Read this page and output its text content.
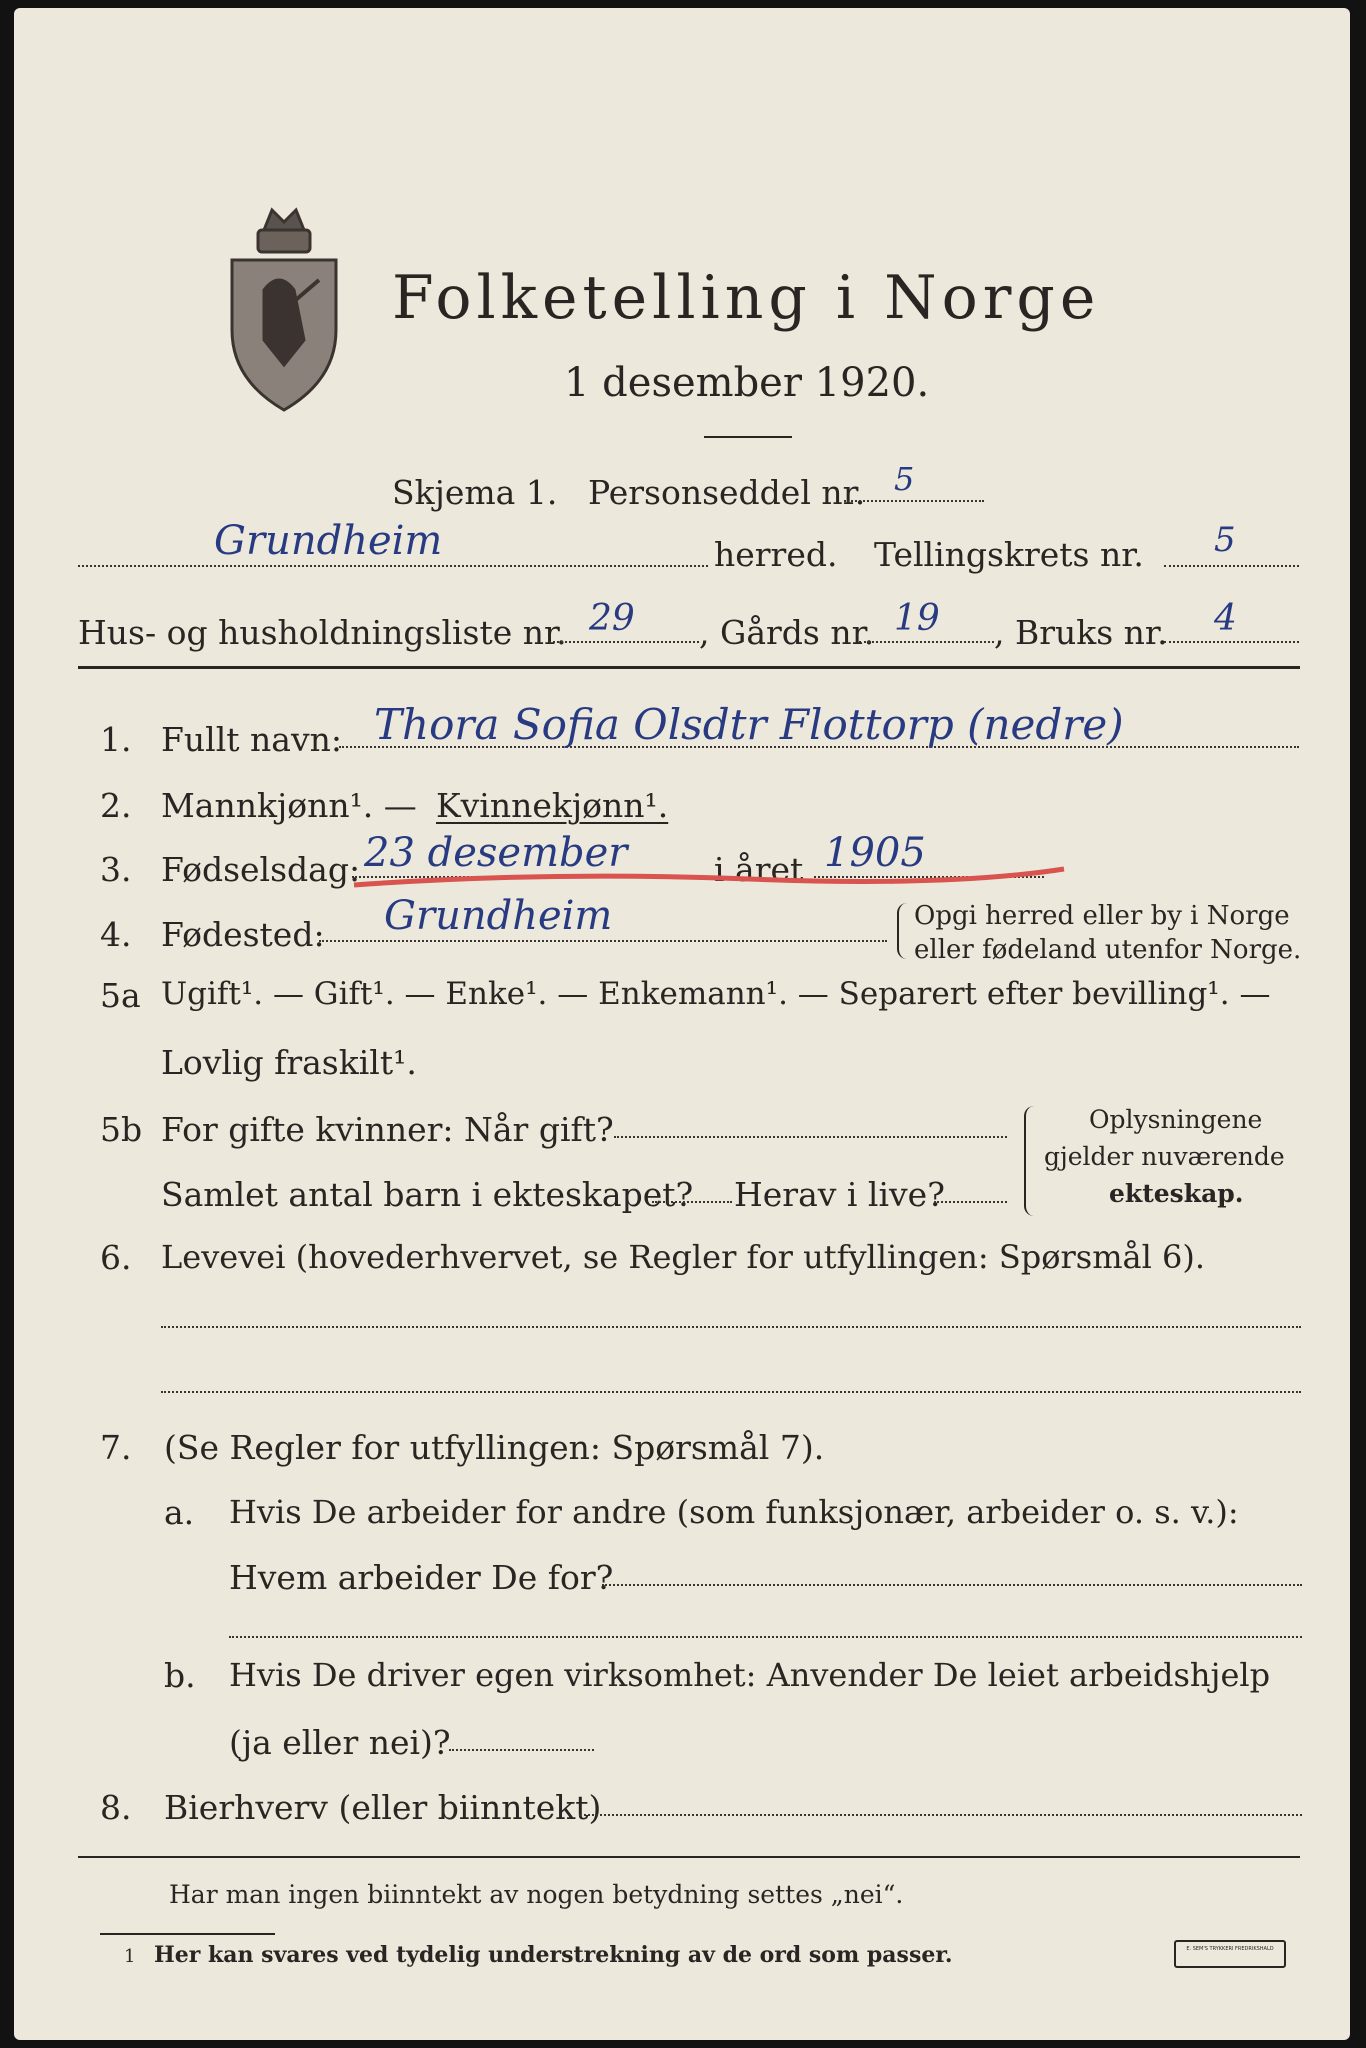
Folketelling i Norge
1 desember 1920.
Skjema 1. Personseddel nr. 5
Grundheim	herred. Tellingskrets nr. 5
Hus- og husholdningsliste nr. 29 , Gårds nr. 19 , Bruks nr. 4
1. Fullt navn: Thora Sofia Olsdtr Flottorp (nedre)
2. Mannkjønn¹. — Kvinnekjønn¹.
3. Fødselsdag: 23 desember	i året 1905
4. Fødested: Grundheim	Opgi herred eller by i Norge
eller fødeland utenfor Norge.
5a Ugift¹. — Gift¹. — Enke¹. — Enkemann¹. — Separert efter bevilling¹. —
Lovlig fraskilt¹.
5b For gifte kvinner: Når gift?
Samlet antal barn i ekteskapet? Herav i live?
Oplysningene
gjelder nuværende
ekteskap.
6. Levevei (hovederhvervet, se Regler for utfyllingen: Spørsmål 6).
7. (Se Regler for utfyllingen: Spørsmål 7).
a. Hvis De arbeider for andre (som funksjonær, arbeider o. s. v.):
Hvem arbeider De for?
b. Hvis De driver egen virksomhet: Anvender De leiet arbeidshjelp
(ja eller nei)?
8. Bierhverv (eller biinntekt)
Har man ingen biinntekt av nogen betydning settes „nei“.
1 Her kan svares ved tydelig understrekning av de ord som passer.	E. SEM'S TRYKKERI FREDRIKSHALD
